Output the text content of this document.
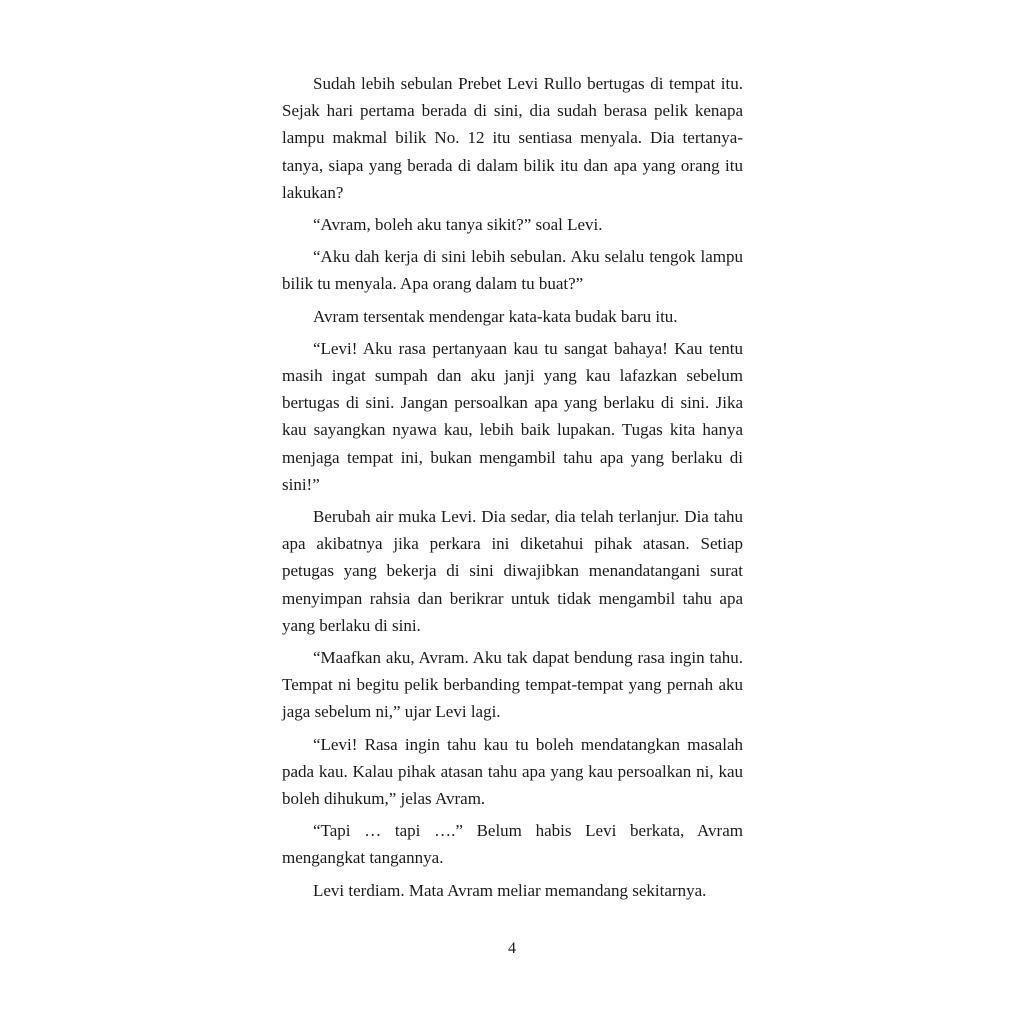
Sudah lebih sebulan Prebet Levi Rullo bertugas di tempat itu. Sejak hari pertama berada di sini, dia sudah berasa pelik kenapa lampu makmal bilik No. 12 itu sentiasa menyala. Dia tertanya-tanya, siapa yang berada di dalam bilik itu dan apa yang orang itu lakukan?

“Avram, boleh aku tanya sikit?” soal Levi.

“Aku dah kerja di sini lebih sebulan. Aku selalu tengok lampu bilik tu menyala. Apa orang dalam tu buat?”

Avram tersentak mendengar kata-kata budak baru itu.

“Levi! Aku rasa pertanyaan kau tu sangat bahaya! Kau tentu masih ingat sumpah dan aku janji yang kau lafazkan sebelum bertugas di sini. Jangan persoalkan apa yang berlaku di sini. Jika kau sayangkan nyawa kau, lebih baik lupakan. Tugas kita hanya menjaga tempat ini, bukan mengambil tahu apa yang berlaku di sini!”

Berubah air muka Levi. Dia sedar, dia telah terlanjur. Dia tahu apa akibatnya jika perkara ini diketahui pihak atasan. Setiap petugas yang bekerja di sini diwajibkan menandatangani surat menyimpan rahsia dan berikrar untuk tidak mengambil tahu apa yang berlaku di sini.

“Maafkan aku, Avram. Aku tak dapat bendung rasa ingin tahu. Tempat ni begitu pelik berbanding tempat-tempat yang pernah aku jaga sebelum ni,” ujar Levi lagi.

“Levi! Rasa ingin tahu kau tu boleh mendatangkan masalah pada kau. Kalau pihak atasan tahu apa yang kau persoalkan ni, kau boleh dihukum,” jelas Avram.

“Tapi … tapi ….” Belum habis Levi berkata, Avram mengangkat tangannya.

Levi terdiam. Mata Avram meliar memandang sekitarnya.

4
